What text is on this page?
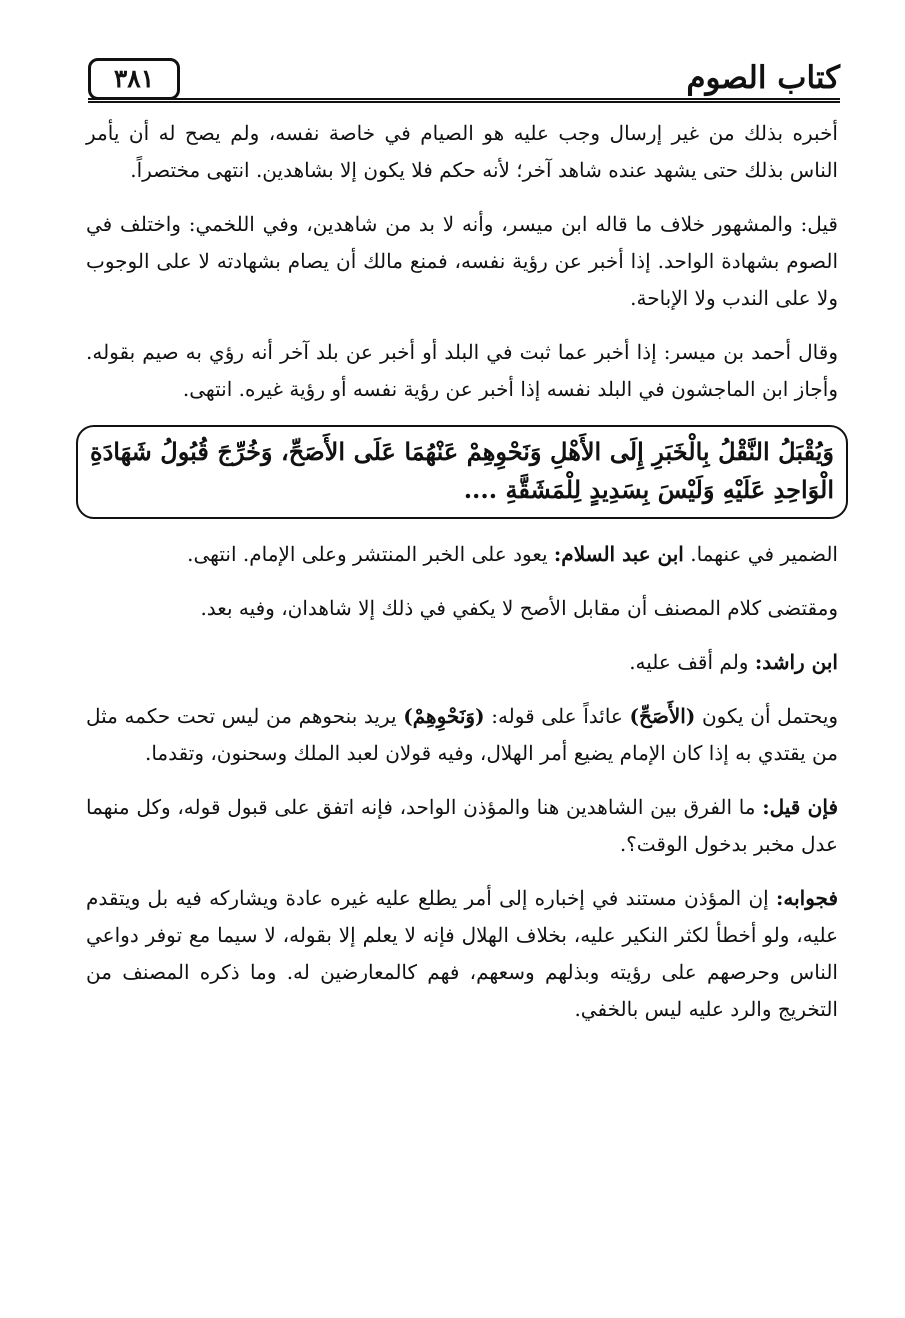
كتاب الصوم
٣٨١

أخبره بذلك من غير إرسال وجب عليه هو الصيام في خاصة نفسه، ولم يصح له أن يأمر الناس بذلك حتى يشهد عنده شاهد آخر؛ لأنه حكم فلا يكون إلا بشاهدين. انتهى مختصراً.

قيل: والمشهور خلاف ما قاله ابن ميسر، وأنه لا بد من شاهدين، وفي اللخمي: واختلف في الصوم بشهادة الواحد. إذا أخبر عن رؤية نفسه، فمنع مالك أن يصام بشهادته لا على الوجوب ولا على الندب ولا الإباحة.

وقال أحمد بن ميسر: إذا أخبر عما ثبت في البلد أو أخبر عن بلد آخر أنه رؤي به صيم بقوله. وأجاز ابن الماجشون في البلد نفسه إذا أخبر عن رؤية نفسه أو رؤية غيره. انتهى.

وَيُقْبَلُ النَّقْلُ بِالْخَبَرِ إِلَى الأَهْلِ وَنَحْوِهِمْ عَنْهُمَا عَلَى الأَصَحِّ، وَخُرِّجَ قُبُولُ شَهَادَةِ الْوَاحِدِ عَلَيْهِ وَلَيْسَ بِسَدِيدٍ لِلْمَشَقَّةِ ....

الضمير في عنهما. ابن عبد السلام: يعود على الخبر المنتشر وعلى الإمام. انتهى.

ومقتضى كلام المصنف أن مقابل الأصح لا يكفي في ذلك إلا شاهدان، وفيه بعد.

ابن راشد: ولم أقف عليه.

ويحتمل أن يكون (الأَصَحِّ) عائداً على قوله: (وَنَحْوِهِمْ) يريد بنحوهم من ليس تحت حكمه مثل من يقتدي به إذا كان الإمام يضيع أمر الهلال، وفيه قولان لعبد الملك وسحنون، وتقدما.

فإن قيل: ما الفرق بين الشاهدين هنا والمؤذن الواحد، فإنه اتفق على قبول قوله، وكل منهما عدل مخبر بدخول الوقت؟.

فجوابه: إن المؤذن مستند في إخباره إلى أمر يطلع عليه غيره عادة ويشاركه فيه بل ويتقدم عليه، ولو أخطأ لكثر النكير عليه، بخلاف الهلال فإنه لا يعلم إلا بقوله، لا سيما مع توفر دواعي الناس وحرصهم على رؤيته وبذلهم وسعهم، فهم كالمعارضين له. وما ذكره المصنف من التخريج والرد عليه ليس بالخفي.
